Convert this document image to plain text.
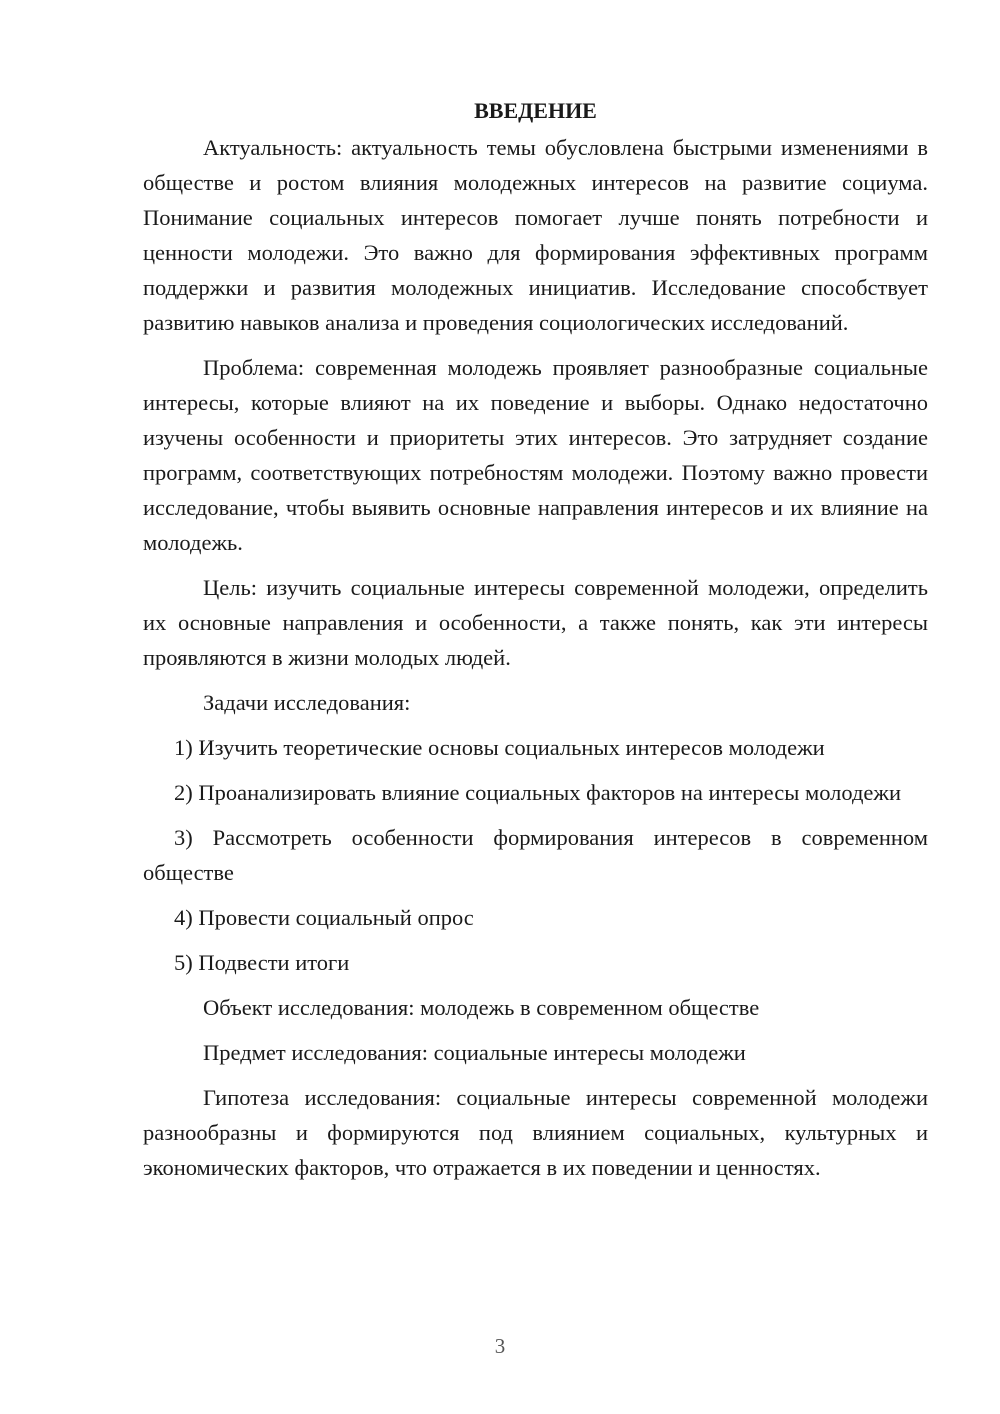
ВВЕДЕНИЕ

Актуальность: актуальность темы обусловлена быстрыми изменениями в обществе и ростом влияния молодежных интересов на развитие социума. Понимание социальных интересов помогает лучше понять потребности и ценности молодежи. Это важно для формирования эффективных программ поддержки и развития молодежных инициатив. Исследование способствует развитию навыков анализа и проведения социологических исследований.

Проблема: современная молодежь проявляет разнообразные социальные интересы, которые влияют на их поведение и выборы. Однако недостаточно изучены особенности и приоритеты этих интересов. Это затрудняет создание программ, соответствующих потребностям молодежи. Поэтому важно провести исследование, чтобы выявить основные направления интересов и их влияние на молодежь.

Цель: изучить социальные интересы современной молодежи, определить их основные направления и особенности, а также понять, как эти интересы проявляются в жизни молодых людей.

Задачи исследования:

1) Изучить теоретические основы социальных интересов молодежи

2) Проанализировать влияние социальных факторов на интересы молодежи

3) Рассмотреть особенности формирования интересов в современном обществе

4) Провести социальный опрос

5) Подвести итоги

Объект исследования: молодежь в современном обществе

Предмет исследования: социальные интересы молодежи

Гипотеза исследования: социальные интересы современной молодежи разнообразны и формируются под влиянием социальных, культурных и экономических факторов, что отражается в их поведении и ценностях.

3
